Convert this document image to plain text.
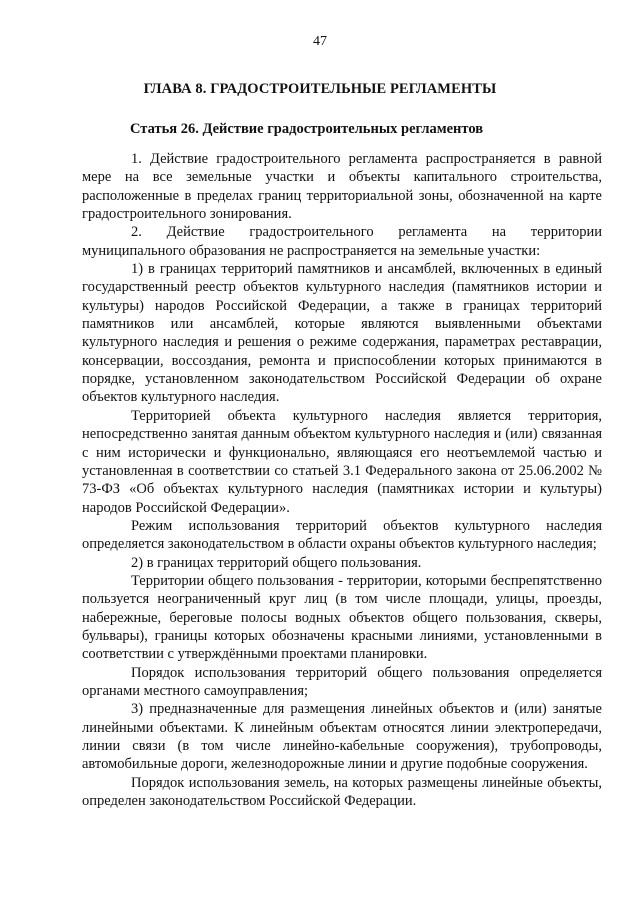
47
ГЛАВА 8. ГРАДОСТРОИТЕЛЬНЫЕ РЕГЛАМЕНТЫ
Статья 26. Действие градостроительных регламентов

1. Действие градостроительного регламента распространяется в равной мере на все земельные участки и объекты капитального строительства, расположенные в пределах границ территориальной зоны, обозначенной на карте градостроительного зонирования.

2. Действие градостроительного регламента на территории муниципального образования не распространяется на земельные участки:

1) в границах территорий памятников и ансамблей, включенных в единый государственный реестр объектов культурного наследия (памятников истории и культуры) народов Российской Федерации, а также в границах территорий памятников или ансамблей, которые являются выявленными объектами культурного наследия и решения о режиме содержания, параметрах реставрации, консервации, воссоздания, ремонта и приспособлении которых принимаются в порядке, установленном законодательством Российской Федерации об охране объектов культурного наследия.

Территорией объекта культурного наследия является территория, непосредственно занятая данным объектом культурного наследия и (или) связанная с ним исторически и функционально, являющаяся его неотъемлемой частью и установленная в соответствии со статьей 3.1 Федерального закона от 25.06.2002 № 73-ФЗ «Об объектах культурного наследия (памятниках истории и культуры) народов Российской Федерации».

Режим использования территорий объектов культурного наследия определяется законодательством в области охраны объектов культурного наследия;

2) в границах территорий общего пользования.

Территории общего пользования - территории, которыми беспрепятственно пользуется неограниченный круг лиц (в том числе площади, улицы, проезды, набережные, береговые полосы водных объектов общего пользования, скверы, бульвары), границы которых обозначены красными линиями, установленными в соответствии с утверждёнными проектами планировки.

Порядок использования территорий общего пользования определяется органами местного самоуправления;

3) предназначенные для размещения линейных объектов и (или) занятые линейными объектами. К линейным объектам относятся линии электропередачи, линии связи (в том числе линейно-кабельные сооружения), трубопроводы, автомобильные дороги, железнодорожные линии и другие подобные сооружения.

Порядок использования земель, на которых размещены линейные объекты, определен законодательством Российской Федерации.
